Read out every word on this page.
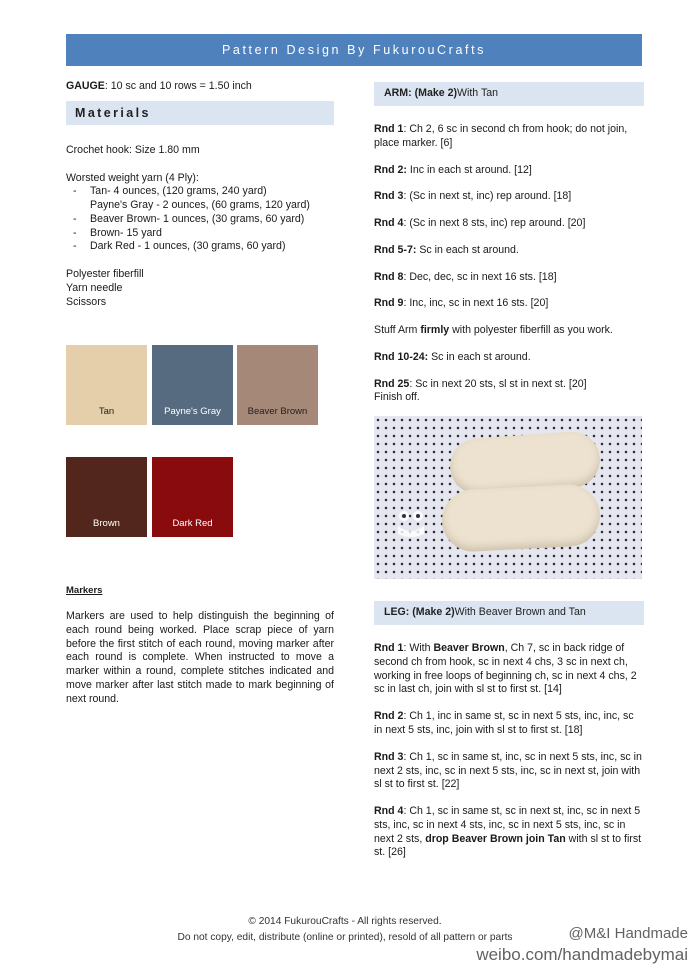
Pattern Design By FukurouCrafts
GAUGE: 10 sc and 10 rows = 1.50 inch
Materials

Crochet hook: Size 1.80 mm

Worsted weight yarn (4 Ply):

- Tan- 4 ounces, (120 grams, 240 yard)
Payne's Gray - 2 ounces, (60 grams, 120 yard)
- Beaver Brown- 1 ounces, (30 grams, 60 yard)
- Brown- 15 yard
- Dark Red - 1 ounces, (30 grams, 60 yard)

Polyester fiberfill

Yarn needle

Scissors

Tan	Payne's Gray	Beaver Brown
Brown	Dark Red
Markers

Markers are used to help distinguish the beginning of each round being worked. Place scrap piece of yarn before the first stitch of each round, moving marker after each round is complete. When instructed to move a marker within a round, complete stitches indicated and move marker after last stitch made to mark beginning of next round.

ARM: (Make 2) With Tan

Rnd 1: Ch 2, 6 sc in second ch from hook; do not join, place marker. [6]

Rnd 2: Inc in each st around. [12]

Rnd 3: (Sc in next st, inc) rep around. [18]

Rnd 4: (Sc in next 8 sts, inc) rep around. [20]

Rnd 5-7: Sc in each st around.

Rnd 8: Dec, dec, sc in next 16 sts. [18]

Rnd 9: Inc, inc, sc in next 16 sts. [20]

Stuff Arm firmly with polyester fiberfill as you work.

Rnd 10-24: Sc in each st around.

Rnd 25: Sc in next 20 sts, sl st in next st. [20]

Finish off.

LEG: (Make 2) With Beaver Brown and Tan

Rnd 1: With Beaver Brown, Ch 7, sc in back ridge of second ch from hook, sc in next 4 chs, 3 sc in next ch, working in free loops of beginning ch, sc in next 4 chs, 2 sc in last ch, join with sl st to first st. [14]

Rnd 2: Ch 1, inc in same st, sc in next 5 sts, inc, inc, sc in next 5 sts, inc, join with sl st to first st. [18]

Rnd 3: Ch 1, sc in same st, inc, sc in next 5 sts, inc, sc in next 2 sts, inc, sc in next 5 sts, inc, sc in next st, join with sl st to first st. [22]

Rnd 4: Ch 1, sc in same st, sc in next st, inc, sc in next 5 sts, inc, sc in next 4 sts, inc, sc in next 5 sts, inc, sc in next 2 sts, drop Beaver Brown join Tan with sl st to first st. [26]

© 2014 FukurouCrafts - All rights reserved.
Do not copy, edit, distribute (online or printed), resold of all pattern or parts	@M&I Handmade
weibo.com/handmadebymai
